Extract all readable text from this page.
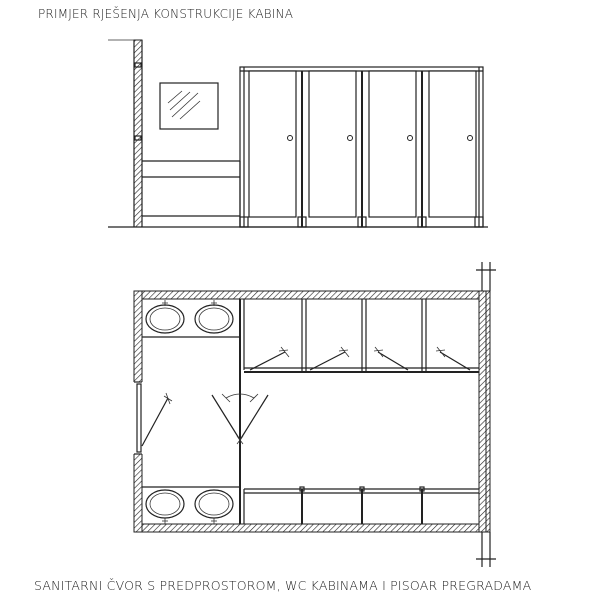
PRIMJER RJEŠENJA KONSTRUKCIJE KABINA
SANITARNI ČVOR S PREDPROSTOROM, WC KABINAMA I PISOAR PREGRADAMA
